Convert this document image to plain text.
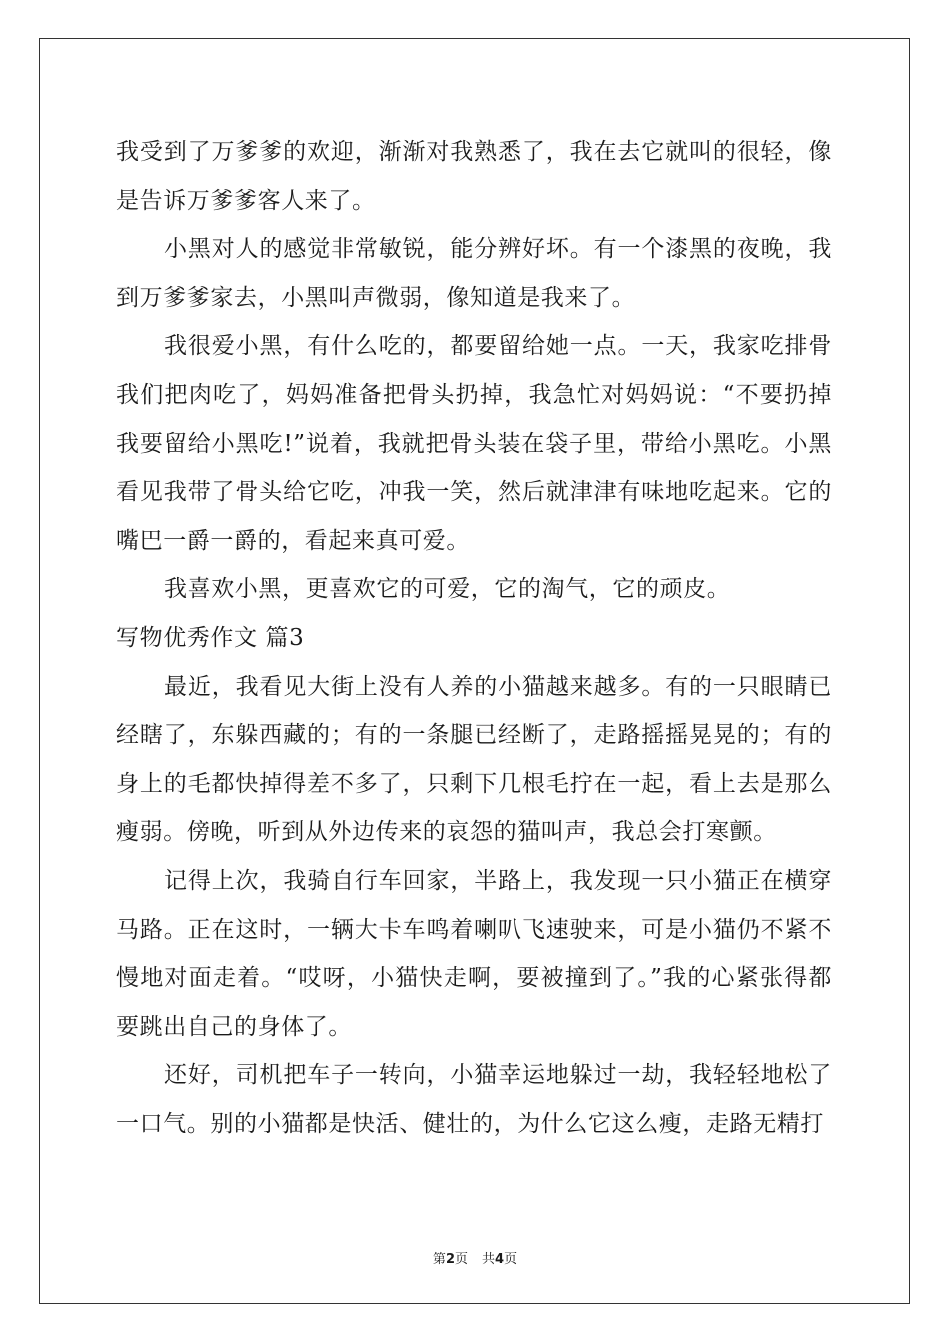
我受到了万爹爹的欢迎，渐渐对我熟悉了，我在去它就叫的很轻，像是告诉万爹爹客人来了。

小黑对人的感觉非常敏锐，能分辨好坏。有一个漆黑的夜晚，我到万爹爹家去，小黑叫声微弱，像知道是我来了。

我很爱小黑，有什么吃的，都要留给她一点。一天，我家吃排骨我们把肉吃了，妈妈准备把骨头扔掉，我急忙对妈妈说：“不要扔掉我要留给小黑吃!”说着，我就把骨头装在袋子里，带给小黑吃。小黑看见我带了骨头给它吃，冲我一笑，然后就津津有味地吃起来。它的嘴巴一爵一爵的，看起来真可爱。

我喜欢小黑，更喜欢它的可爱，它的淘气，它的顽皮。

写物优秀作文 篇3

最近，我看见大街上没有人养的小猫越来越多。有的一只眼睛已经瞎了，东躲西藏的；有的一条腿已经断了，走路摇摇晃晃的；有的身上的毛都快掉得差不多了，只剩下几根毛拧在一起，看上去是那么瘦弱。傍晚，听到从外边传来的哀怨的猫叫声，我总会打寒颤。

记得上次，我骑自行车回家，半路上，我发现一只小猫正在横穿马路。正在这时，一辆大卡车鸣着喇叭飞速驶来，可是小猫仍不紧不慢地对面走着。“哎呀，小猫快走啊，要被撞到了。”我的心紧张得都要跳出自己的身体了。

还好，司机把车子一转向，小猫幸运地躲过一劫，我轻轻地松了一口气。别的小猫都是快活、健壮的，为什么它这么瘦，走路无精打

第2页 共4页
